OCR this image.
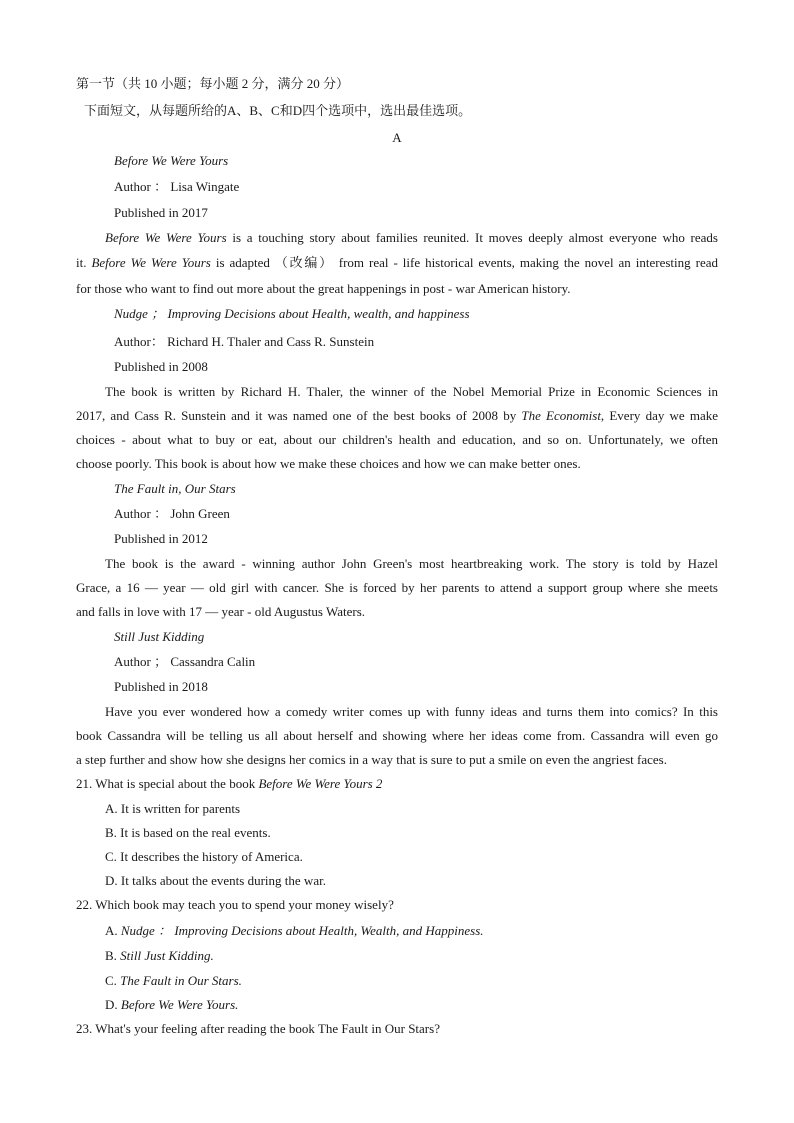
第一节（共 10 小题；每小题 2 分，满分 20 分）
下面短文，从每题所给的A、B、C和D四个选项中，选出最佳选项。
A
Before We Were Yours
Author ： Lisa Wingate
Published in 2017
Before We Were Yours is a touching story about families reunited. It moves deeply almost everyone who reads
it. Before We Were Yours is adapted （改编） from real - life historical events, making the novel an interesting read
for those who want to find out more about the great happenings in post - war American history.
Nudge ； Improving Decisions about Health, wealth, and happiness
Author： Richard H. Thaler and Cass R. Sunstein
Published in 2008
The book is written by Richard H. Thaler, the winner of the Nobel Memorial Prize in Economic Sciences in
2017, and Cass R. Sunstein and it was named one of the best books of 2008 by The Economist, Every day we make
choices - about what to buy or eat, about our children's health and education, and so on. Unfortunately, we often
choose poorly. This book is about how we make these choices and how we can make better ones.
The Fault in, Our Stars
Author ： John Green
Published in 2012
The book is the award - winning author John Green's most heartbreaking work. The story is told by Hazel
Grace, a 16 — year — old girl with cancer. She is forced by her parents to attend a support group where she meets
and falls in love with 17 — year - old Augustus Waters.
Still Just Kidding
Author ； Cassandra Calin
Published in 2018
Have you ever wondered how a comedy writer comes up with funny ideas and turns them into comics? In this
book Cassandra will be telling us all about herself and showing where her ideas come from. Cassandra will even go
a step further and show how she designs her comics in a way that is sure to put a smile on even the angriest faces.
21. What is special about the book Before We Were Yours 2
A. It is written for parents
B. It is based on the real events.
C. It describes the history of America.
D. It talks about the events during the war.
22. Which book may teach you to spend your money wisely?
A. Nudge ： Improving Decisions about Health, Wealth, and Happiness.
B. Still Just Kidding.
C. The Fault in Our Stars.
D. Before We Were Yours.
23. What's your feeling after reading the book The Fault in Our Stars?
